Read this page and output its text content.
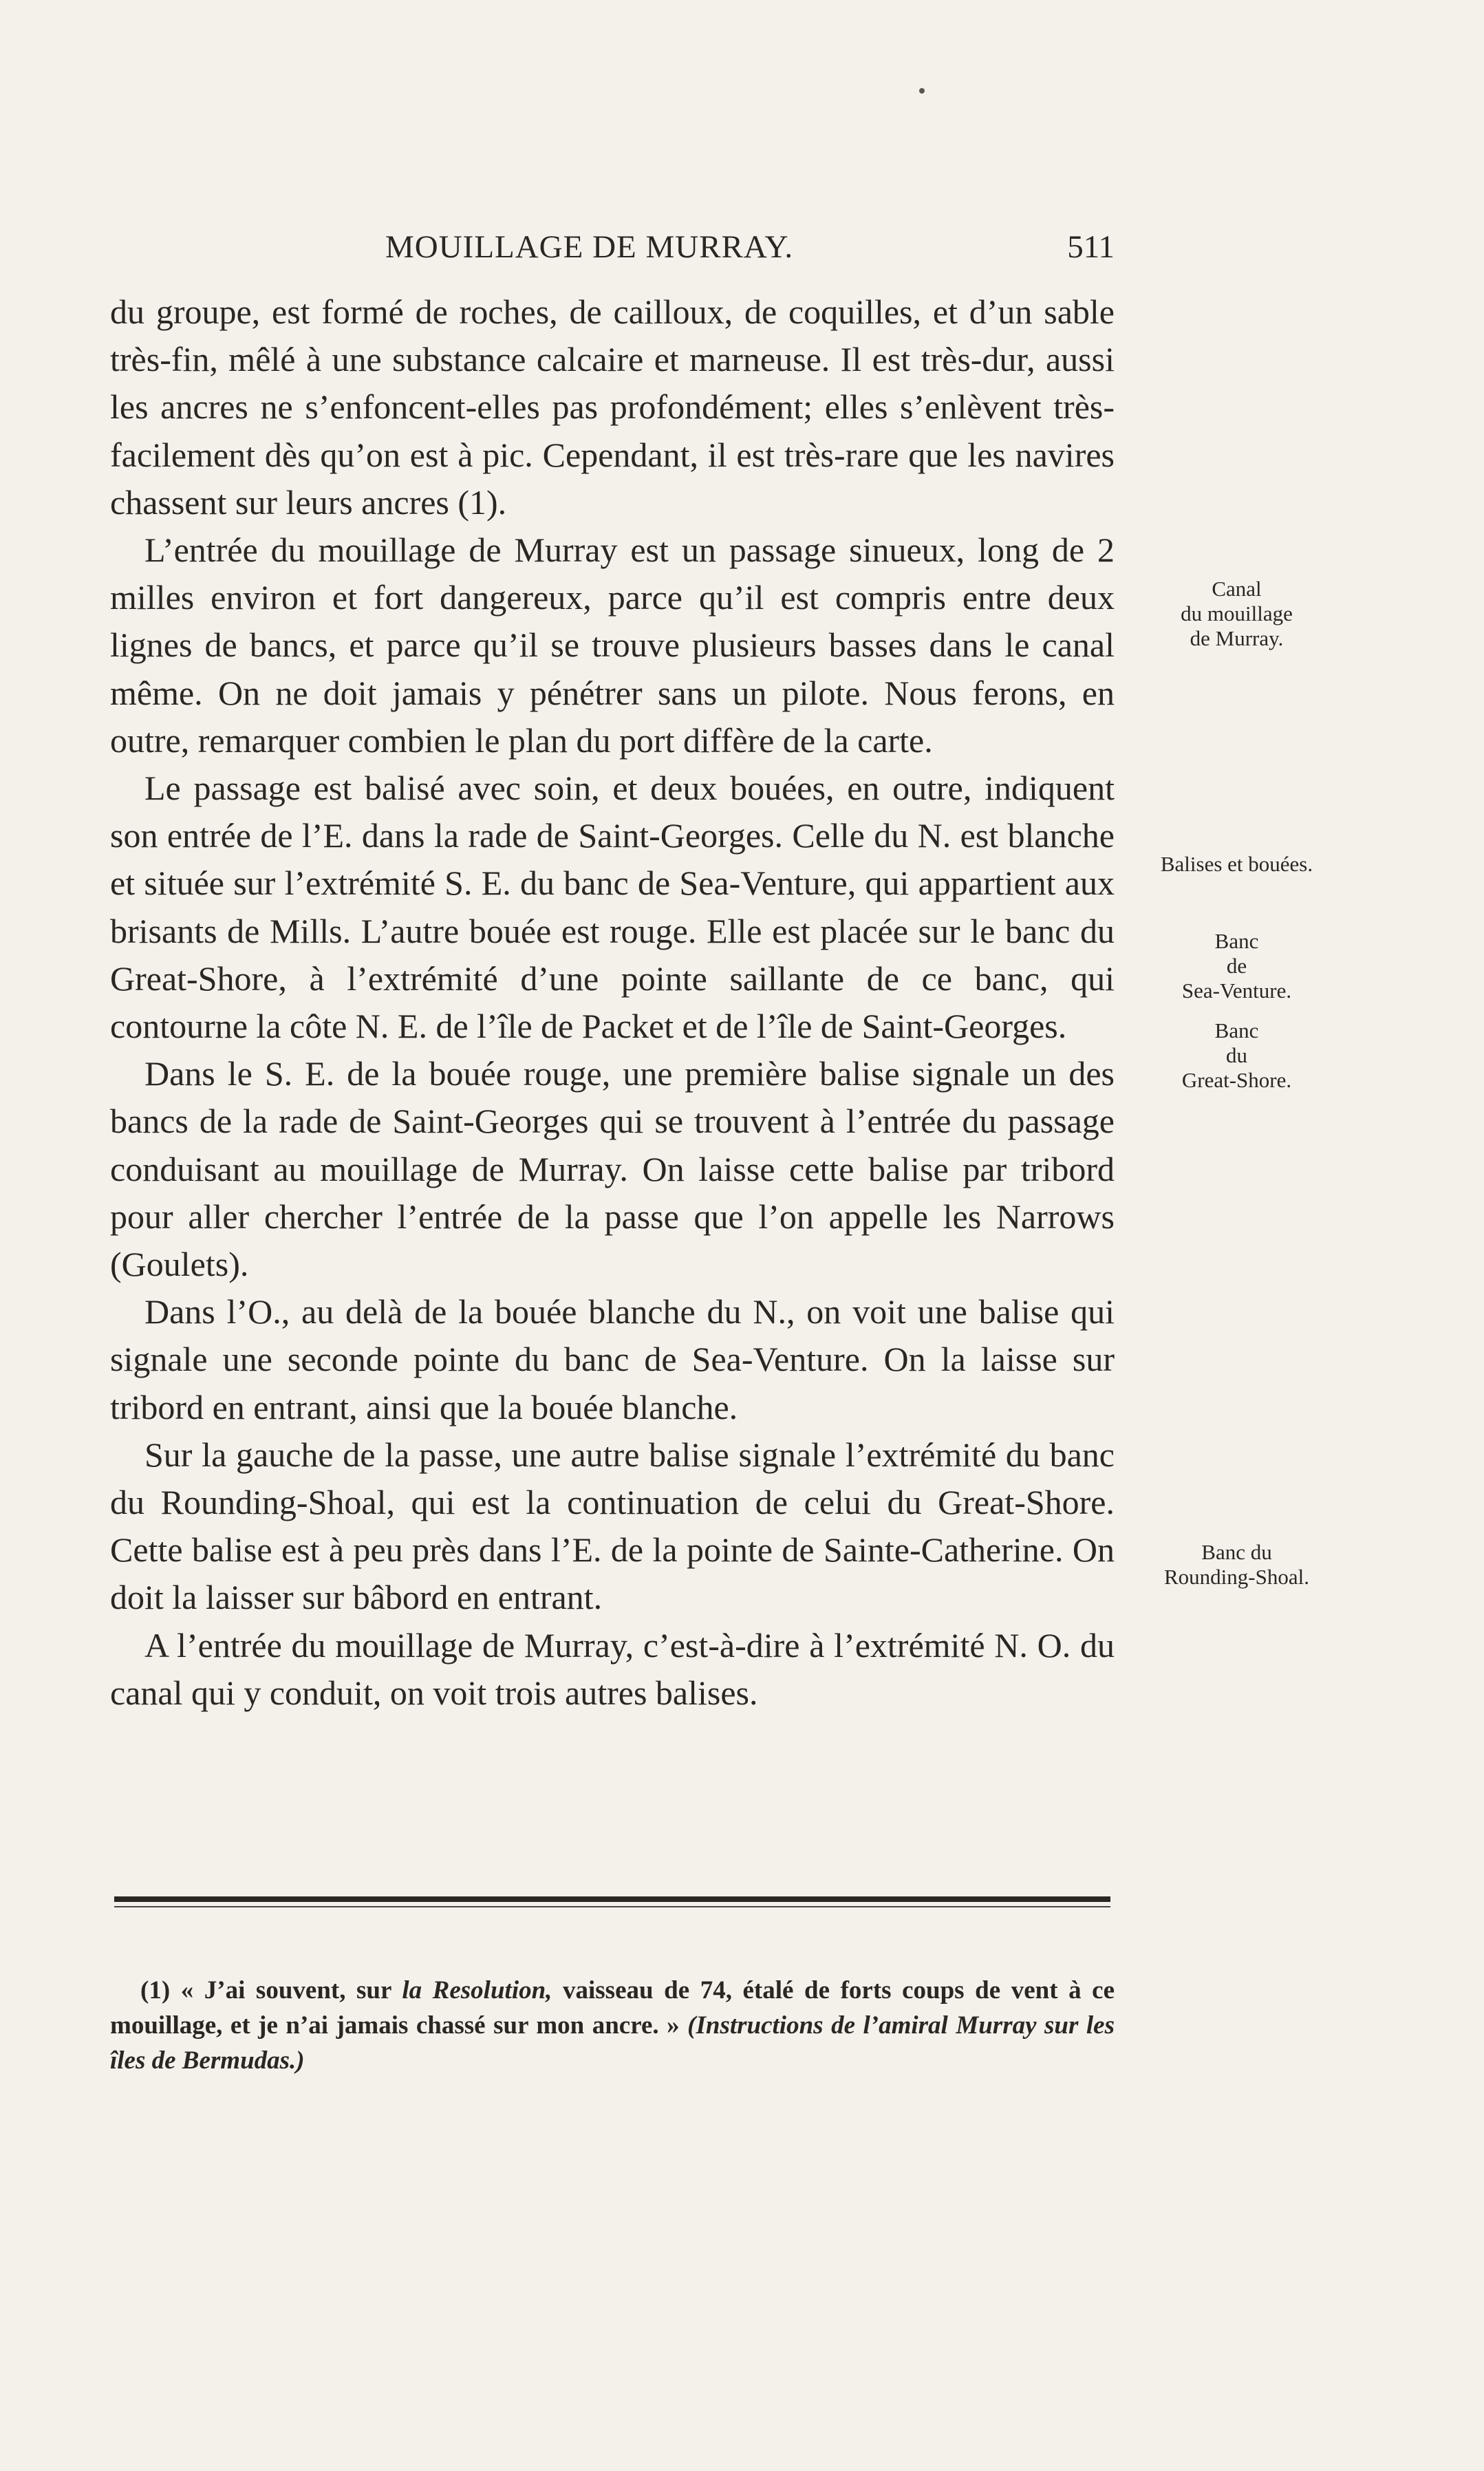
MOUILLAGE DE MURRAY.	511

du groupe, est formé de roches, de cailloux, de coquilles, et d’un sable très-fin, mêlé à une substance calcaire et marneuse. Il est très-dur, aussi les ancres ne s’enfoncent-elles pas profondément; elles s’enlèvent très-facilement dès qu’on est à pic. Cependant, il est très-rare que les navires chassent sur leurs ancres (1).

L’entrée du mouillage de Murray est un passage sinueux, long de 2 milles environ et fort dangereux, parce qu’il est compris entre deux lignes de bancs, et parce qu’il se trouve plusieurs basses dans le canal même. On ne doit jamais y pénétrer sans un pilote. Nous ferons, en outre, remarquer combien le plan du port diffère de la carte.

Le passage est balisé avec soin, et deux bouées, en outre, indiquent son entrée de l’E. dans la rade de Saint-Georges. Celle du N. est blanche et située sur l’extrémité S. E. du banc de Sea-Venture, qui appartient aux brisants de Mills. L’autre bouée est rouge. Elle est placée sur le banc du Great-Shore, à l’extrémité d’une pointe saillante de ce banc, qui contourne la côte N. E. de l’île de Packet et de l’île de Saint-Georges.

Dans le S. E. de la bouée rouge, une première balise signale un des bancs de la rade de Saint-Georges qui se trouvent à l’entrée du passage conduisant au mouillage de Murray. On laisse cette balise par tribord pour aller chercher l’entrée de la passe que l’on appelle les Narrows (Goulets).

Dans l’O., au delà de la bouée blanche du N., on voit une balise qui signale une seconde pointe du banc de Sea-Venture. On la laisse sur tribord en entrant, ainsi que la bouée blanche.

Sur la gauche de la passe, une autre balise signale l’extrémité du banc du Rounding-Shoal, qui est la continuation de celui du Great-Shore. Cette balise est à peu près dans l’E. de la pointe de Sainte-Catherine. On doit la laisser sur bâbord en entrant.

A l’entrée du mouillage de Murray, c’est-à-dire à l’extrémité N. O. du canal qui y conduit, on voit trois autres balises.

Canal
du mouillage
de Murray.
Balises et bouées.
Banc
de
Sea-Venture.
Banc
du
Great-Shore.
Banc du
Rounding-Shoal.

(1) « J’ai souvent, sur la Resolution, vaisseau de 74, étalé de forts coups de vent à ce mouillage, et je n’ai jamais chassé sur mon ancre. » (Instructions de l’amiral Murray sur les îles de Bermudas.)
